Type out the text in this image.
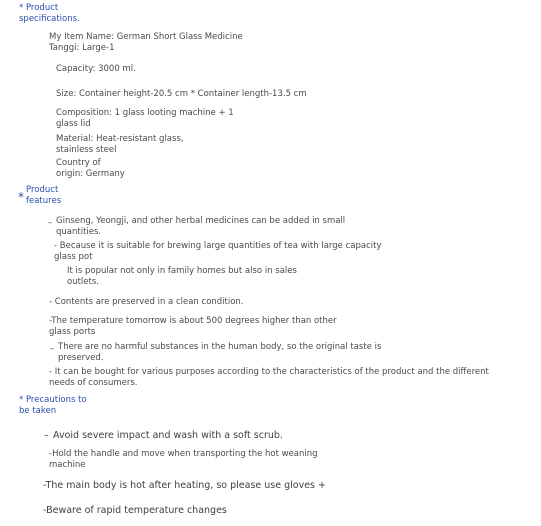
* Product
specifications.
My Item Name: German Short Glass Medicine
Tanggi: Large-1
Capacity: 3000 ml.
Size: Container height-20.5 cm * Container length-13.5 cm
Composition: 1 glass looting machine + 1
glass lid
Material: Heat-resistant glass,
stainless steel
Country of
origin: Germany
* Product
features
– Ginseng, Yeongji, and other herbal medicines can be added in small
quantities.
- Because it is suitable for brewing large quantities of tea with large capacity
glass pot
It is popular not only in family homes but also in sales
outlets.
- Contents are preserved in a clean condition.
-The temperature tomorrow is about 500 degrees higher than other
glass ports
– There are no harmful substances in the human body, so the original taste is
preserved.
- It can be bought for various purposes according to the characteristics of the product and the different
needs of consumers.
* Precautions to
be taken
– Avoid severe impact and wash with a soft scrub.
-Hold the handle and move when transporting the hot weaning
machine
-The main body is hot after heating, so please use gloves +
-Beware of rapid temperature changes
